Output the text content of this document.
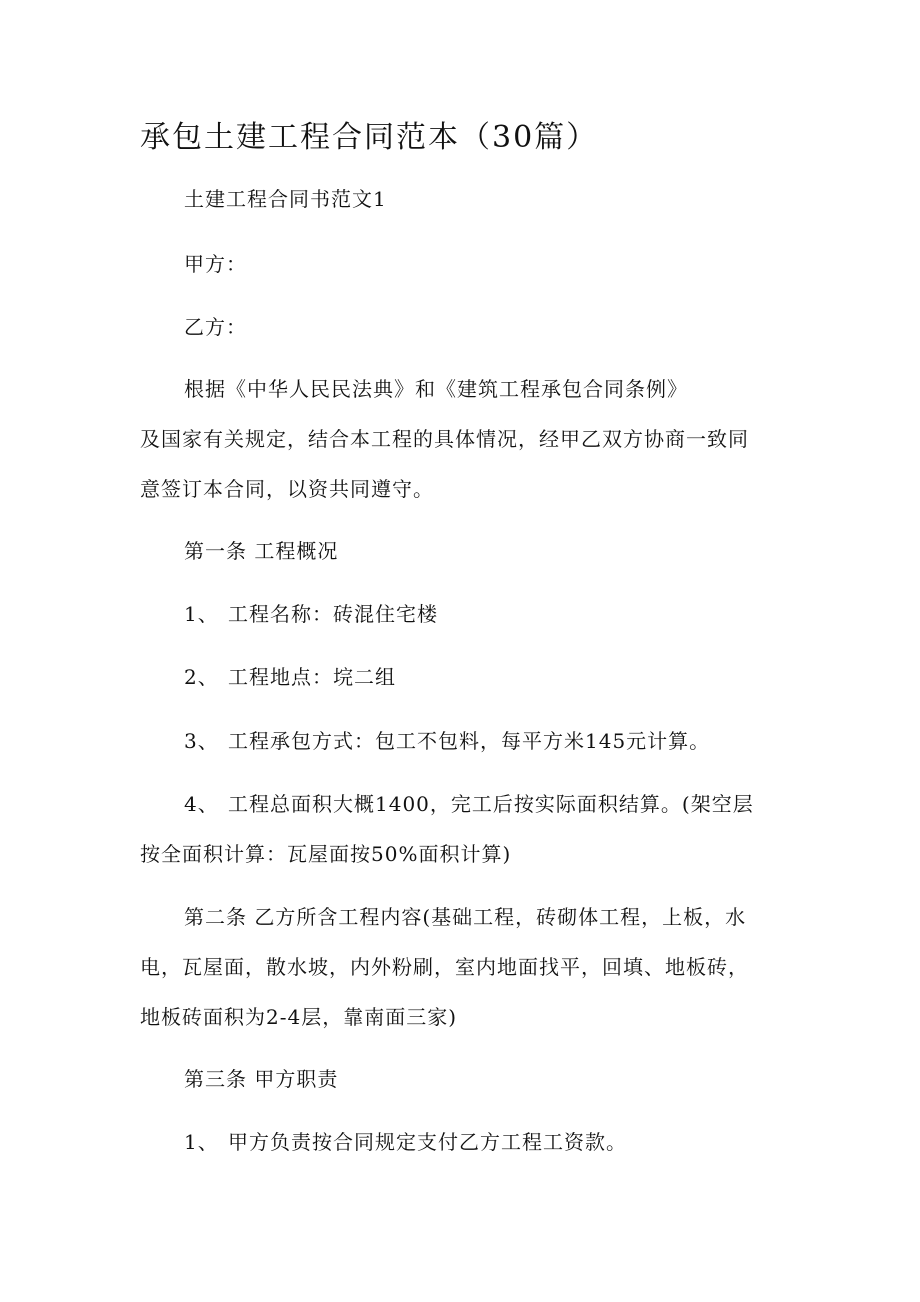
承包土建工程合同范本（30篇）
土建工程合同书范文1
甲方：
乙方：
根据《中华人民民法典》和《建筑工程承包合同条例》
及国家有关规定，结合本工程的具体情况，经甲乙双方协商一致同
意签订本合同，以资共同遵守。
第一条 工程概况
1、 工程名称：砖混住宅楼
2、 工程地点：垸二组
3、 工程承包方式：包工不包料，每平方米145元计算。
4、 工程总面积大概1400，完工后按实际面积结算。(架空层
按全面积计算：瓦屋面按50%面积计算)
第二条 乙方所含工程内容(基础工程，砖砌体工程，上板，水
电，瓦屋面，散水坡，内外粉刷，室内地面找平，回填、地板砖，
地板砖面积为2-4层，靠南面三家)
第三条 甲方职责
1、 甲方负责按合同规定支付乙方工程工资款。
